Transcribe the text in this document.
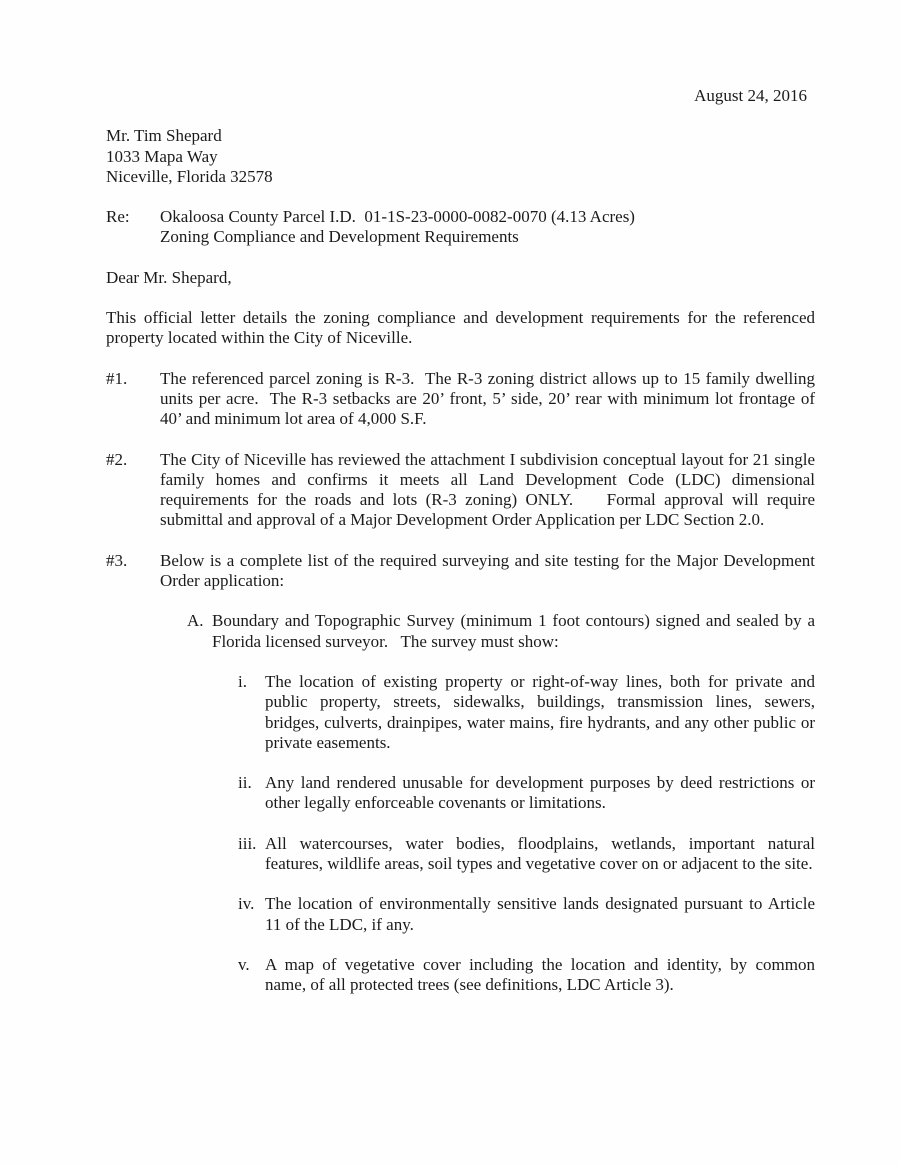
August 24, 2016
Mr. Tim Shepard
1033 Mapa Way
Niceville, Florida 32578
Re:	Okaloosa County Parcel I.D.  01-1S-23-0000-0082-0070 (4.13 Acres)
Zoning Compliance and Development Requirements
Dear Mr. Shepard,
This official letter details the zoning compliance and development requirements for the referenced property located within the City of Niceville.
#1.	The referenced parcel zoning is R-3.  The R-3 zoning district allows up to 15 family dwelling units per acre.  The R-3 setbacks are 20’ front, 5’ side, 20’ rear with minimum lot frontage of 40’ and minimum lot area of 4,000 S.F.
#2.	The City of Niceville has reviewed the attachment I subdivision conceptual layout for 21 single family homes and confirms it meets all Land Development Code (LDC) dimensional requirements for the roads and lots (R-3 zoning) ONLY.    Formal approval will require submittal and approval of a Major Development Order Application per LDC Section 2.0.
#3.	Below is a complete list of the required surveying and site testing for the Major Development Order application:
A. Boundary and Topographic Survey (minimum 1 foot contours) signed and sealed by a Florida licensed surveyor.   The survey must show:
i.	The location of existing property or right-of-way lines, both for private and public property, streets, sidewalks, buildings, transmission lines, sewers, bridges, culverts, drainpipes, water mains, fire hydrants, and any other public or private easements.
ii. Any land rendered unusable for development purposes by deed restrictions or other legally enforceable covenants or limitations.
iii. All watercourses, water bodies, floodplains, wetlands, important natural features, wildlife areas, soil types and vegetative cover on or adjacent to the site.
iv. The location of environmentally sensitive lands designated pursuant to Article 11 of the LDC, if any.
v. A map of vegetative cover including the location and identity, by common name, of all protected trees (see definitions, LDC Article 3).
